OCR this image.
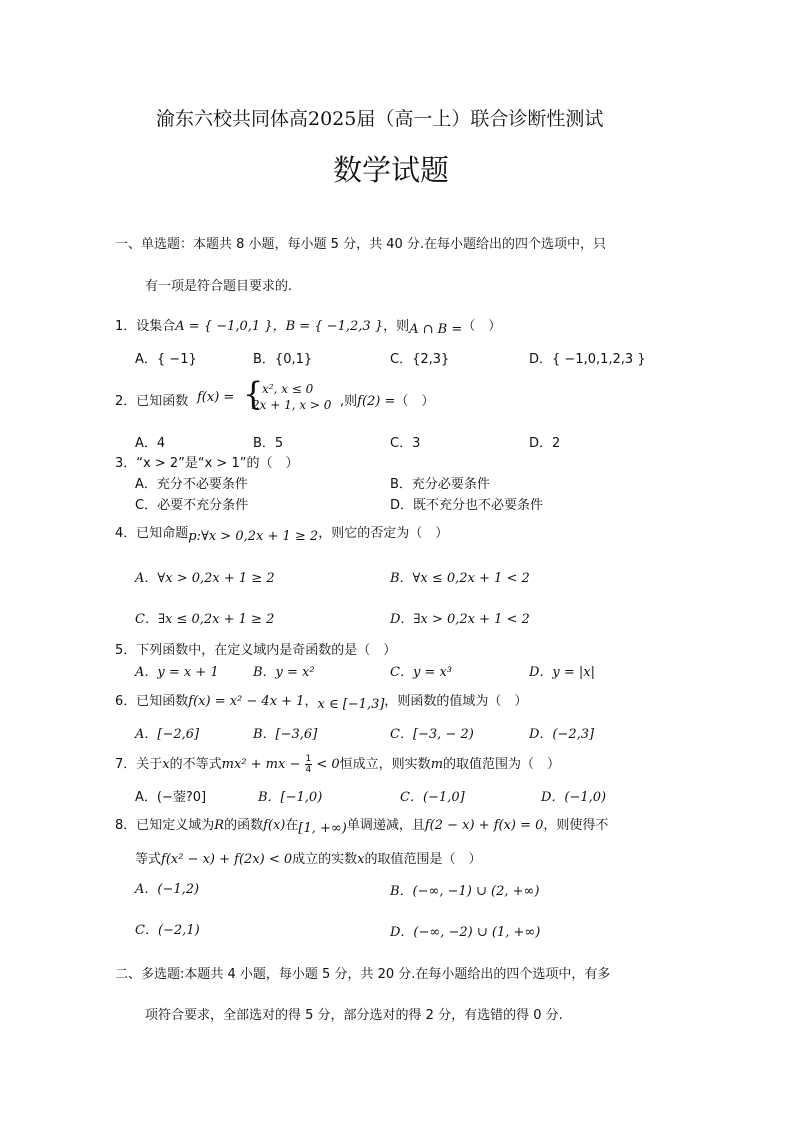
渝东六校共同体高2025届（高一上）联合诊断性测试
数学试题
一、单选题：本题共 8 小题，每小题 5 分，共 40 分.在每小题给出的四个选项中，只
有一项是符合题目要求的.
1．设集合A = { −1,0,1 }，B = { −1,2,3 }，则A ∩ B =（　）
A．{ −1}	B．{0,1}	C．{2,3}	D．{ −1,0,1,2,3 }
2．已知函数 f(x) = {
x², x ≤ 0
2x + 1, x > 0 ,则f(2) =（　）
A．4	B．5	C．3	D．2
3．“x > 2”是“x > 1”的（　）
A．充分不必要条件	B．充分必要条件
C．必要不充分条件	D．既不充分也不必要条件
4．已知命题p:∀x > 0,2x + 1 ≥ 2，则它的否定为（　）
A．∀x > 0,2x + 1 ≥ 2	B．∀x ≤ 0,2x + 1 < 2
C．∃x ≤ 0,2x + 1 ≥ 2	D．∃x > 0,2x + 1 < 2
5．下列函数中，在定义域内是奇函数的是（　）
A．y = x + 1	B．y = x²	C．y = x³	D．y = |x|
6．已知函数f(x) = x² − 4x + 1，x ∈ [−1,3]，则函数的值域为（　）
A．[−2,6]	B．[−3,6]	C．[−3, − 2)	D．(−2,3]
7．关于x的不等式mx² + mx − $\frac{1}{4} < 0$恒成立，则实数m的取值范围为（　）
A．(−蓥?0]	B．[−1,0)	C．(−1,0]	D．(−1,0)
8．已知定义域为R的函数f(x)在[1, +∞)单调递减，且f(2 − x) + f(x) = 0，则使得不
等式f(x² − x) + f(2x) < 0成立的实数x的取值范围是（　）
A．(−1,2)	B．(−∞, −1) ∪ (2, +∞)
C．(−2,1)	D．(−∞, −2) ∪ (1, +∞)
二、多选题:本题共 4 小题，每小题 5 分，共 20 分.在每小题给出的四个选项中，有多
项符合要求，全部选对的得 5 分，部分选对的得 2 分，有选错的得 0 分.
